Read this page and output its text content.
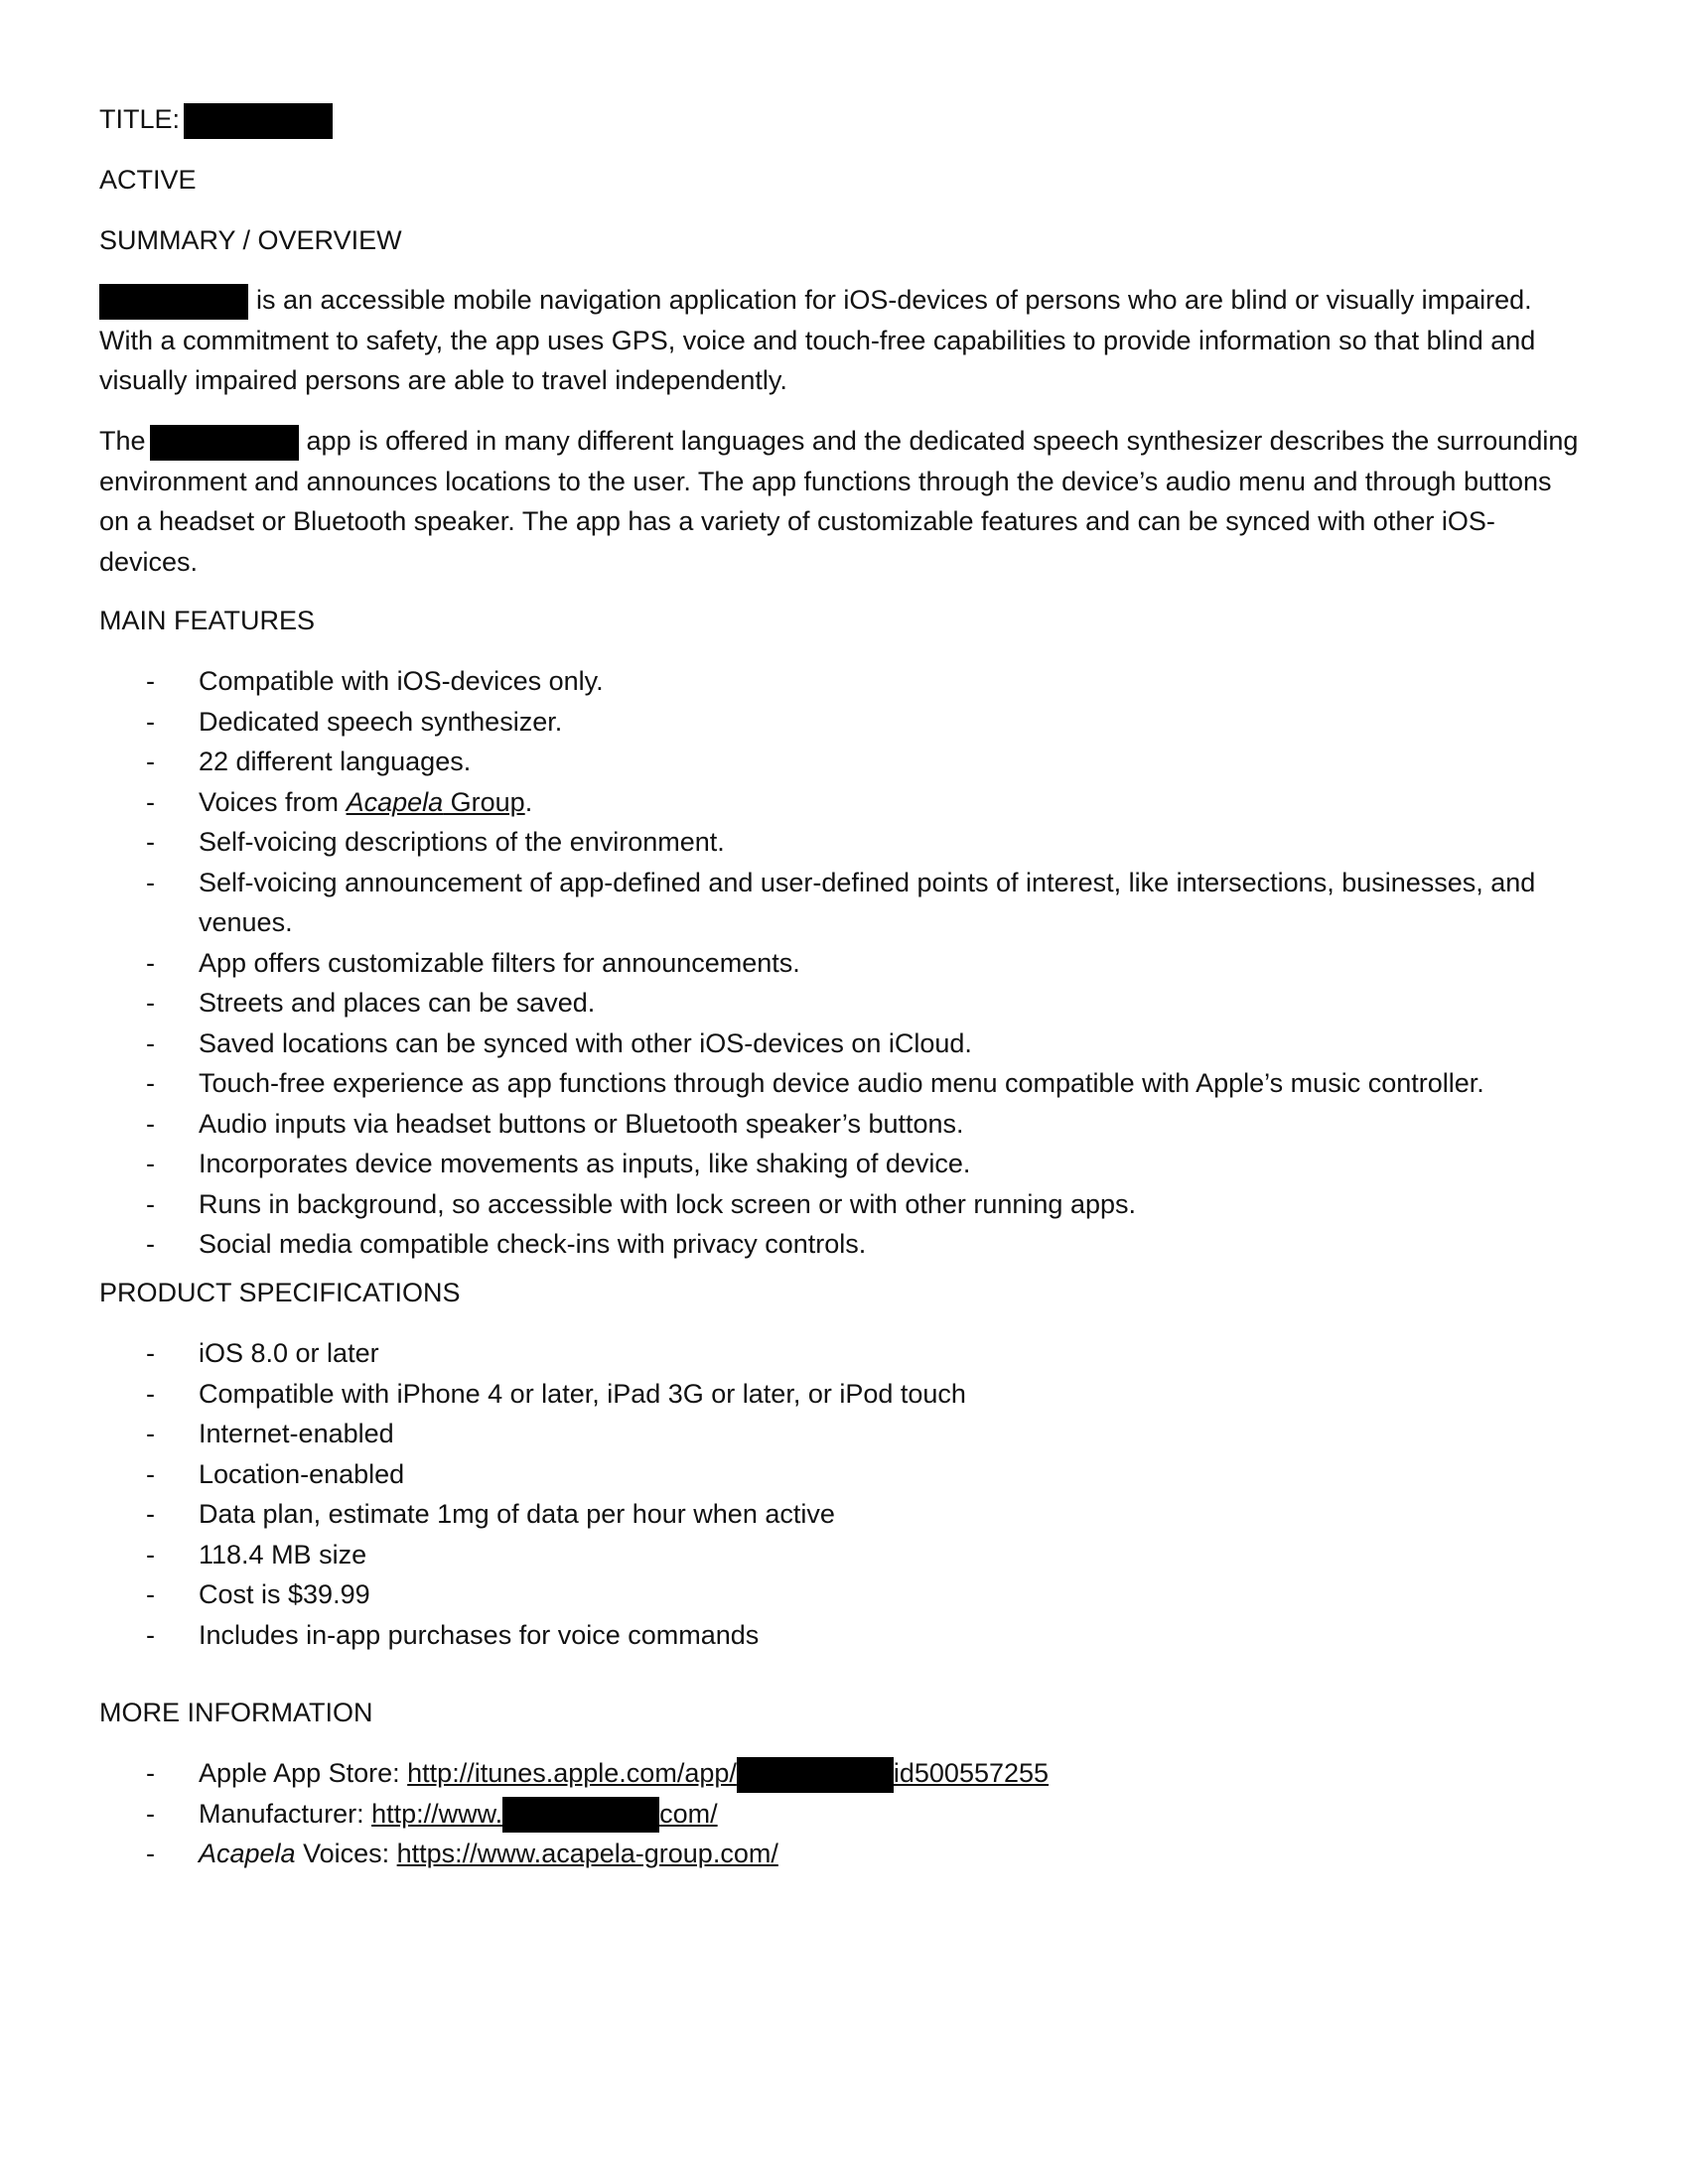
TITLE:
ACTIVE
SUMMARY / OVERVIEW
is an accessible mobile navigation application for iOS-devices of persons who are blind or visually impaired. With a commitment to safety, the app uses GPS, voice and touch-free capabilities to provide information so that blind and visually impaired persons are able to travel independently.
The	app is offered in many different languages and the dedicated speech synthesizer describes the surrounding environment and announces locations to the user. The app functions through the device’s audio menu and through buttons on a headset or Bluetooth speaker. The app has a variety of customizable features and can be synced with other iOS-devices.
MAIN FEATURES
- Compatible with iOS-devices only.
- Dedicated speech synthesizer.
- 22 different languages.
- Voices from Acapela Group.
- Self-voicing descriptions of the environment.
- Self-voicing announcement of app-defined and user-defined points of interest, like intersections, businesses, and venues.
- App offers customizable filters for announcements.
- Streets and places can be saved.
- Saved locations can be synced with other iOS-devices on iCloud.
- Touch-free experience as app functions through device audio menu compatible with Apple’s music controller.
- Audio inputs via headset buttons or Bluetooth speaker’s buttons.
- Incorporates device movements as inputs, like shaking of device.
- Runs in background, so accessible with lock screen or with other running apps.
- Social media compatible check-ins with privacy controls.
PRODUCT SPECIFICATIONS
- iOS 8.0 or later
- Compatible with iPhone 4 or later, iPad 3G or later, or iPod touch
- Internet-enabled
- Location-enabled
- Data plan, estimate 1mg of data per hour when active
- 118.4 MB size
- Cost is $39.99
- Includes in-app purchases for voice commands
MORE INFORMATION
- Apple App Store: http://itunes.apple.com/app/	id500557255
- Manufacturer: http://www.	com/
- Acapela Voices: https://www.acapela-group.com/
